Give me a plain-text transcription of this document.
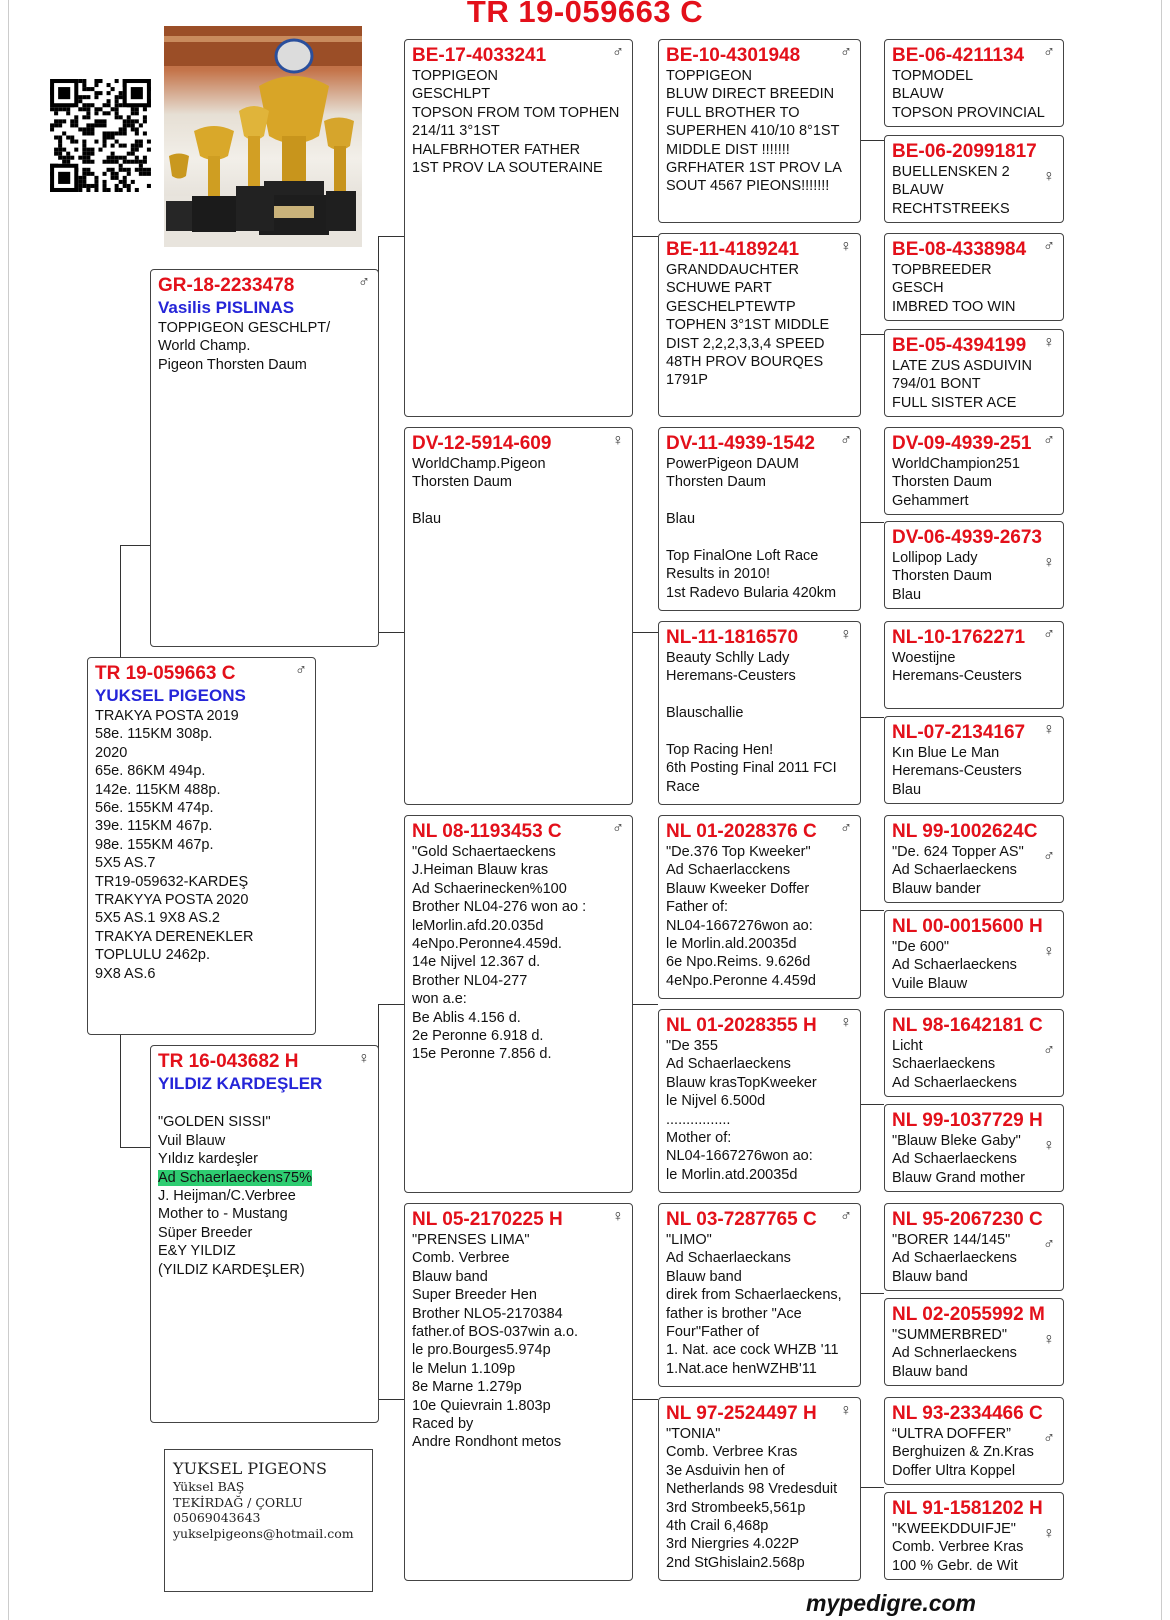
TR 19-059663 C
TR 19-059663 C	♂
YUKSEL PIGEONS
TRAKYA POSTA 2019
58e. 115KM 308p.
2020
65e. 86KM 494p.
142e. 115KM 488p.
56e. 155KM 474p.
39e. 115KM 467p.
98e. 155KM 467p.
5X5 AS.7
TR19-059632-KARDEŞ
TRAKYYA POSTA 2020
5X5 AS.1 9X8 AS.2
TRAKYA DERENEKLER
TOPLULU 2462p.
9X8 AS.6
GR-18-2233478	♂
Vasilis PISLINAS
TOPPIGEON GESCHLPT/
World Champ.
Pigeon Thorsten Daum
TR 16-043682 H	♀
YILDIZ KARDEŞLER
"GOLDEN SISSI"
Vuil Blauw
Yıldız kardeşler
Ad Schaerlaeckens75%
J. Heijman/C.Verbree
Mother to - Mustang
Süper Breeder
E&Y YILDIZ
(YILDIZ KARDEŞLER)
BE-17-4033241	♂
TOPPIGEON
GESCHLPT
TOPSON FROM TOM TOPHEN
214/11 3°1ST
HALFBRHOTER FATHER
1ST PROV LA SOUTERAINE
DV-12-5914-609	♀
WorldChamp.Pigeon
Thorsten Daum
Blau
NL 08-1193453 C	♂
"Gold Schaertaeckens
J.Heiman Blauw kras
Ad Schaerinecken%100
Brother NL04-276 won ao :
leMorlin.afd.20.035d
4eNpo.Peronne4.459d.
14e Nijvel 12.367 d.
Brother NL04-277
won a.e:
Be Ablis 4.156 d.
2e Peronne 6.918 d.
15e Peronne 7.856 d.
NL 05-2170225 H	♀
"PRENSES LIMA"
Comb. Verbree
Blauw band
Super Breeder Hen
Brother NLO5-2170384
father.of BOS-037win a.o.
le pro.Bourges5.974p
le Melun 1.109p
8e Marne 1.279p
10e Quievrain 1.803p
Raced by
Andre Rondhont metos
BE-10-4301948	♂
TOPPIGEON
BLUW DIRECT BREEDIN
FULL BROTHER TO
SUPERHEN 410/10 8°1ST
MIDDLE DIST !!!!!!!
GRFHATER 1ST PROV LA
SOUT 4567 PIEONS!!!!!!!
BE-11-4189241	♀
GRANDDAUCHTER
SCHUWE PART
GESCHELPTEWTP
TOPHEN 3°1ST MIDDLE
DIST 2,2,2,3,3,4 SPEED
48TH PROV BOURQES
1791P
DV-11-4939-1542	♂
PowerPigeon DAUM
Thorsten Daum
Blau
Top FinalOne Loft Race
Results in 2010!
1st Radevo Bularia 420km
NL-11-1816570	♀
Beauty Schlly Lady
Heremans-Ceusters
Blauschallie
Top Racing Hen!
6th Posting Final 2011 FCI
Race
NL 01-2028376 C	♂
"De.376 Top Kweeker"
Ad Schaerlacckens
Blauw Kweeker Doffer
Father of:
NL04-1667276won ao:
le Morlin.ald.20035d
6e Npo.Reims. 9.626d
4eNpo.Peronne 4.459d
NL 01-2028355 H	♀
"De 355
Ad Schaerlaeckens
Blauw krasTopKweeker
le Nijvel 6.500d
................
Mother of:
NL04-1667276won ao:
le Morlin.atd.20035d
NL 03-7287765 C	♂
"LIMO"
Ad Schaerlaeckans
Blauw band
direk from Schaerlaeckens,
father is brother "Ace
Four"Father of
1. Nat. ace cock WHZB '11
1.Nat.ace henWZHB'11
NL 97-2524497 H	♀
"TONIA"
Comb. Verbree Kras
3e Asduivin hen of
Netherlands 98 Vredesduit
3rd Strombeek5,561p
4th Crail 6,468p
3rd Niergries 4.022P
2nd StGhislain2.568p
BE-06-4211134	♂
TOPMODEL
BLAUW
TOPSON PROVINCIAL
BE-06-20991817
♀
BUELLENSKEN 2
BLAUW
RECHTSTREEKS
BE-08-4338984	♂
TOPBREEDER
GESCH
IMBRED TOO WIN
BE-05-4394199	♀
LATE ZUS ASDUIVIN
794/01 BONT
FULL SISTER ACE
DV-09-4939-251 ♂
WorldChampion251
Thorsten Daum
Gehammert
DV-06-4939-2673
♀
Lollipop Lady
Thorsten Daum
Blau
NL-10-1762271	♂
Woestijne
Heremans-Ceusters
NL-07-2134167	♀
Kın Blue Le Man
Heremans-Ceusters
Blau
NL 99-1002624C
♂
"De. 624 Topper AS"
Ad Schaerlaeckens
Blauw bander
NL 00-0015600 H
♀
"De 600"
Ad Schaerlaeckens
Vuile Blauw
NL 98-1642181 C
♂
Licht
Schaerlaeckens
Ad Schaerlaeckens
NL 99-1037729 H
♀
"Blauw Bleke Gaby"
Ad Schaerlaeckens
Blauw Grand mother
NL 95-2067230 C
♂
"BORER 144/145"
Ad Schaerlaeckens
Blauw band
NL 02-2055992 M
♀
"SUMMERBRED"
Ad Schnerlaeckens
Blauw band
NL 93-2334466 C
♂
“ULTRA DOFFER”
Berghuizen & Zn.Kras
Doffer Ultra Koppel
NL 91-1581202 H
♀
"KWEEKDDUIFJE"
Comb. Verbree Kras
100 % Gebr. de Wit
YUKSEL PIGEONS
Yüksel BAŞ
TEKİRDAĞ / ÇORLU
05069043643
yukselpigeons@hotmail.com
mypedigre.com
